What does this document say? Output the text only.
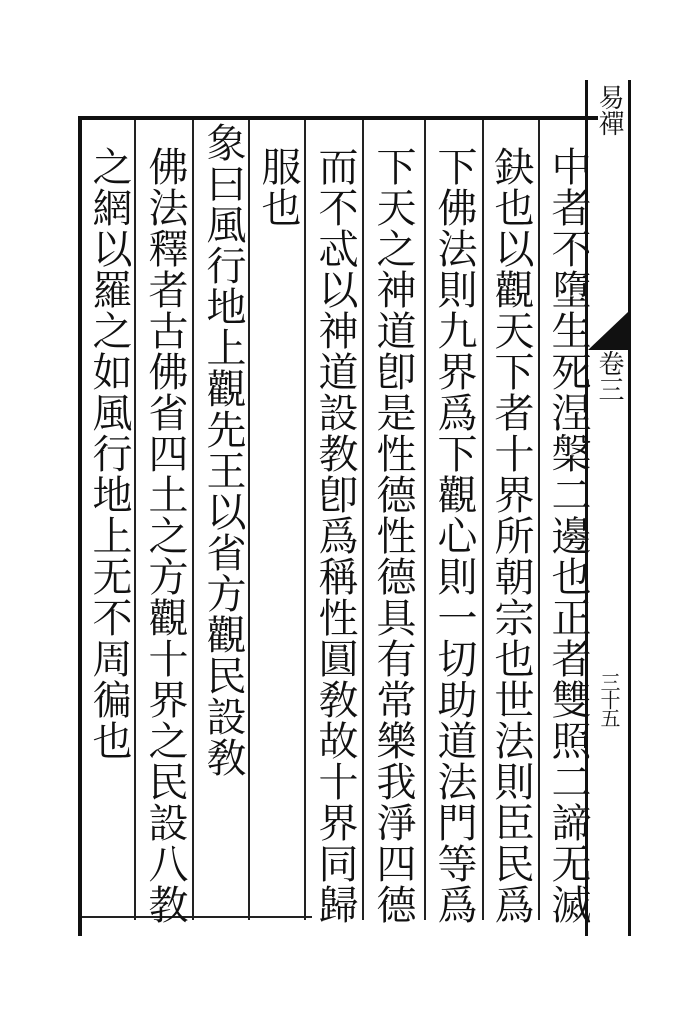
易禪
卷三
三十五
中者不墮生死涅槃二邊也正者雙照二諦无滅
鈌也以觀天下者十界所朝宗也世法則臣民爲
下佛法則九界爲下觀心則一切助道法門等爲
下天之神道卽是性德性德具有常樂我淨四德
而不忒以神道設教卽爲稱性圓敎故十界同歸
服也
象曰風行地上觀先王以省方觀民設敎
佛法釋者古佛省四土之方觀十界之民設八教
之網以羅之如風行地上无不周徧也
